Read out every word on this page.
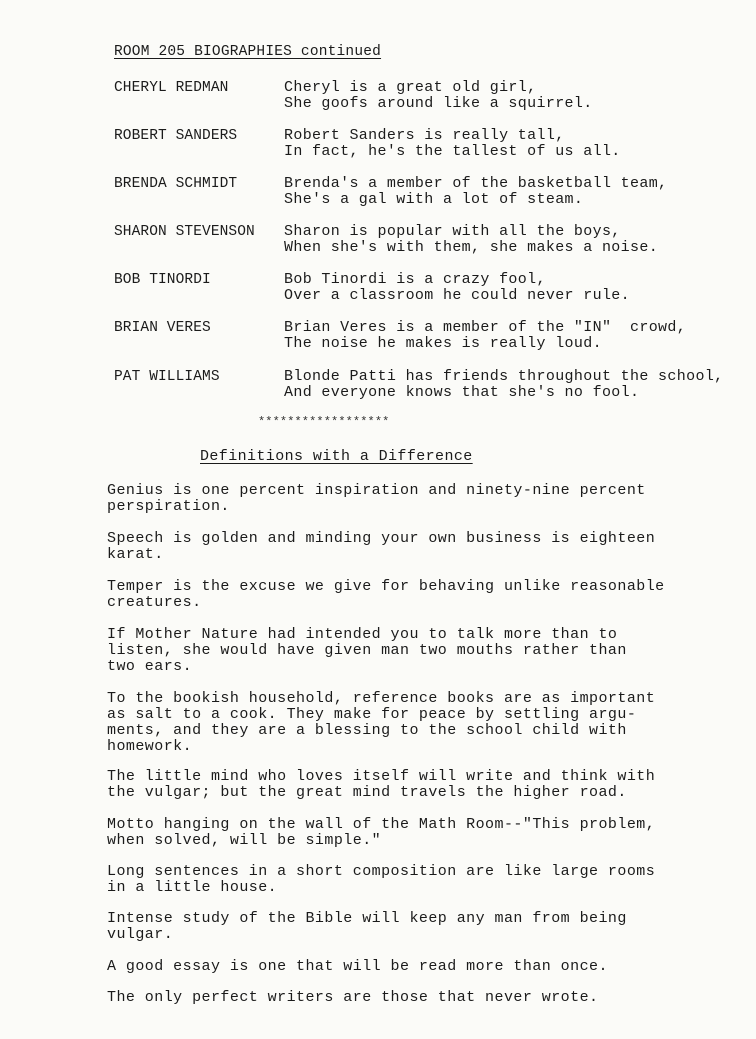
ROOM 205 BIOGRAPHIES continued
CHERYL REDMAN	Cheryl is a great old girl,
She goofs around like a squirrel.
ROBERT SANDERS	Robert Sanders is really tall,
In fact, he's the tallest of us all.
BRENDA SCHMIDT	Brenda's a member of the basketball team,
She's a gal with a lot of steam.
SHARON STEVENSON Sharon is popular with all the boys,
When she's with them, she makes a noise.
BOB TINORDI	Bob Tinordi is a crazy fool,
Over a classroom he could never rule.
BRIAN VERES	Brian Veres is a member of the "IN"  crowd,
The noise he makes is really loud.
PAT WILLIAMS	Blonde Patti has friends throughout the school,
And everyone knows that she's no fool.
******************
Definitions with a Difference
Genius is one percent inspiration and ninety-nine percent
perspiration.
Speech is golden and minding your own business is eighteen
karat.
Temper is the excuse we give for behaving unlike reasonable
creatures.
If Mother Nature had intended you to talk more than to
listen, she would have given man two mouths rather than
two ears.
To the bookish household, reference books are as important
as salt to a cook. They make for peace by settling argu-
ments, and they are a blessing to the school child with
homework.
The little mind who loves itself will write and think with
the vulgar; but the great mind travels the higher road.
Motto hanging on the wall of the Math Room--"This problem,
when solved, will be simple."
Long sentences in a short composition are like large rooms
in a little house.
Intense study of the Bible will keep any man from being
vulgar.
A good essay is one that will be read more than once.
The only perfect writers are those that never wrote.
